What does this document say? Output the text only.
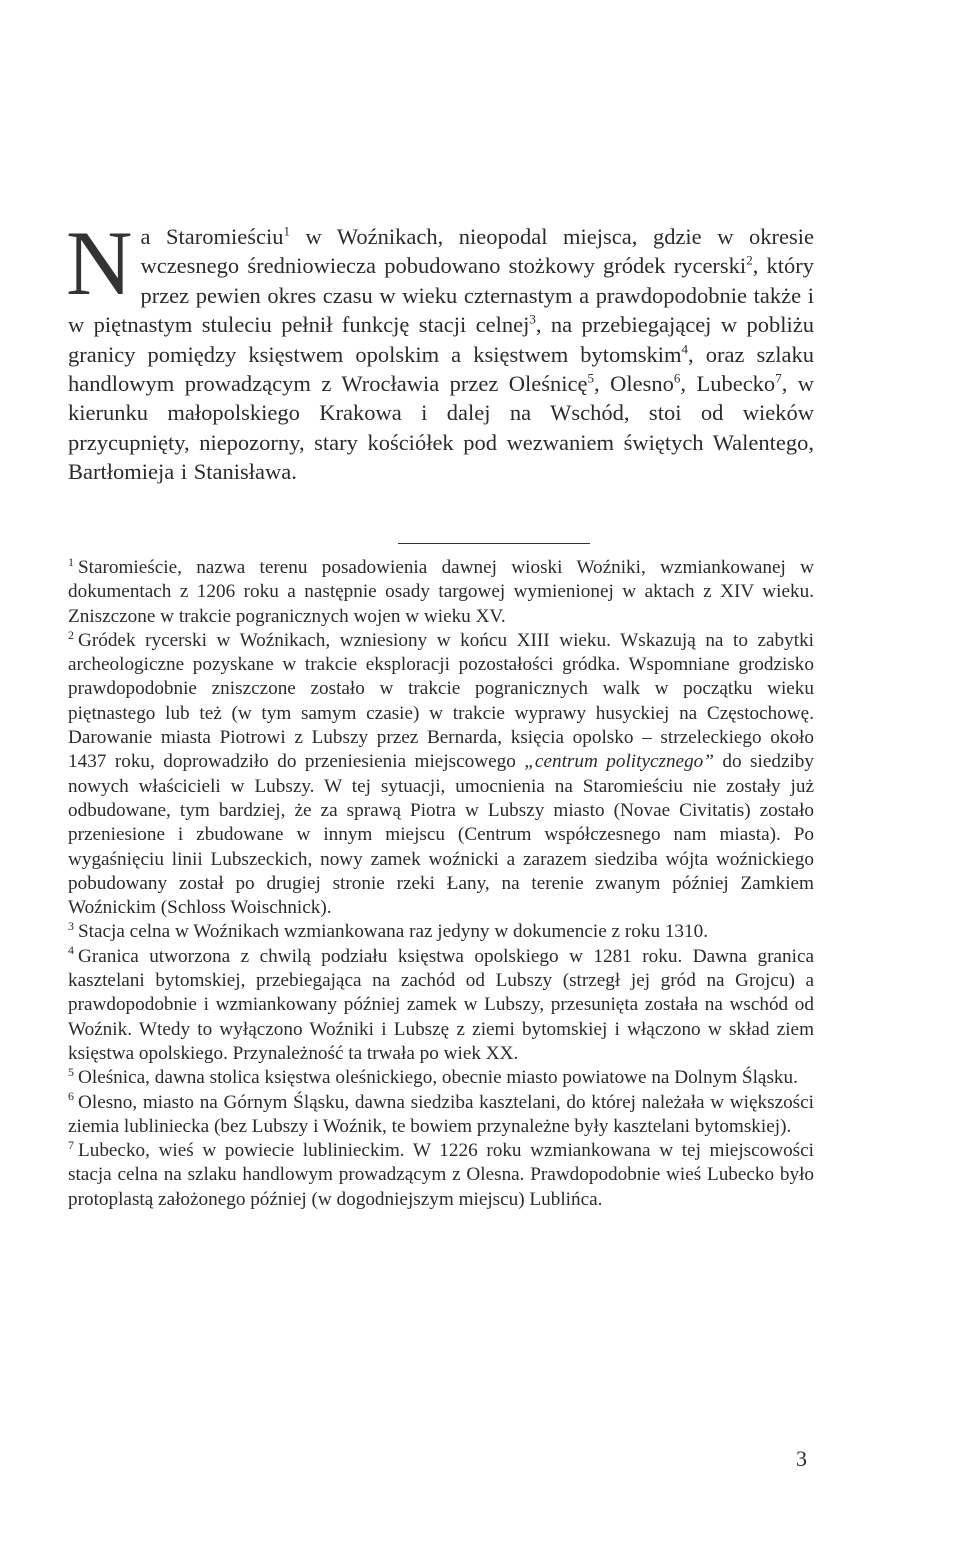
Na Staromieściu$^1$ w Woźnikach, nieopodal miejsca, gdzie w okresie wczesnego średniowiecza pobudowano stożkowy gródek rycerski$^2$, który przez pewien okres czasu w wieku czternastym a prawdopodobnie także i w piętnastym stuleciu pełnił funkcję stacji celnej$^3$, na przebiegającej w pobliżu granicy pomiędzy księstwem opolskim a księstwem bytomskim$^4$, oraz szlaku handlowym prowadzącym z Wrocławia przez Oleśnicę$^5$, Olesno$^6$, Lubecko$^7$, w kierunku małopolskiego Krakowa i dalej na Wschód, stoi od wieków przycupnięty, niepozorny, stary kościółek pod wezwaniem świętych Walentego, Bartłomieja i Stanisława.

$^1$ Staromieście, nazwa terenu posadowienia dawnej wioski Woźniki, wzmiankowanej w dokumentach z 1206 roku a następnie osady targowej wymienionej w aktach z XIV wieku. Zniszczone w trakcie pogranicznych wojen w wieku XV.

$^2$ Gródek rycerski w Woźnikach, wzniesiony w końcu XIII wieku. Wskazują na to zabytki archeologiczne pozyskane w trakcie eksploracji pozostałości gródka. Wspomniane grodzisko prawdopodobnie zniszczone zostało w trakcie pogranicznych walk w początku wieku piętnastego lub też (w tym samym czasie) w trakcie wyprawy husyckiej na Częstochowę. Darowanie miasta Piotrowi z Lubszy przez Bernarda, księcia opolsko – strzeleckiego około 1437 roku, doprowadziło do przeniesienia miejscowego „centrum politycznego” do siedziby nowych właścicieli w Lubszy. W tej sytuacji, umocnienia na Staromieściu nie zostały już odbudowane, tym bardziej, że za sprawą Piotra w Lubszy miasto (Novae Civitatis) zostało przeniesione i zbudowane w innym miejscu (Centrum współczesnego nam miasta). Po wygaśnięciu linii Lubszeckich, nowy zamek woźnicki a zarazem siedziba wójta woźnickiego pobudowany został po drugiej stronie rzeki Łany, na terenie zwanym później Zamkiem Woźnickim (Schloss Woischnick).

$^3$ Stacja celna w Woźnikach wzmiankowana raz jedyny w dokumencie z roku 1310.

$^4$ Granica utworzona z chwilą podziału księstwa opolskiego w 1281 roku. Dawna granica kasztelani bytomskiej, przebiegająca na zachód od Lubszy (strzegł jej gród na Grojcu) a prawdopodobnie i wzmiankowany później zamek w Lubszy, przesunięta została na wschód od Woźnik. Wtedy to wyłączono Woźniki i Lubszę z ziemi bytomskiej i włączono w skład ziem księstwa opolskiego. Przynależność ta trwała po wiek XX.

$^5$ Oleśnica, dawna stolica księstwa oleśnickiego, obecnie miasto powiatowe na Dolnym Śląsku.

$^6$ Olesno, miasto na Górnym Śląsku, dawna siedziba kasztelani, do której należała w większości ziemia lubliniecka (bez Lubszy i Woźnik, te bowiem przynależne były kasztelani bytomskiej).

$^7$ Lubecko, wieś w powiecie lublinieckim. W 1226 roku wzmiankowana w tej miejscowości stacja celna na szlaku handlowym prowadzącym z Olesna. Prawdopodobnie wieś Lubecko było protoplastą założonego później (w dogodniejszym miejscu) Lublińca.

3
